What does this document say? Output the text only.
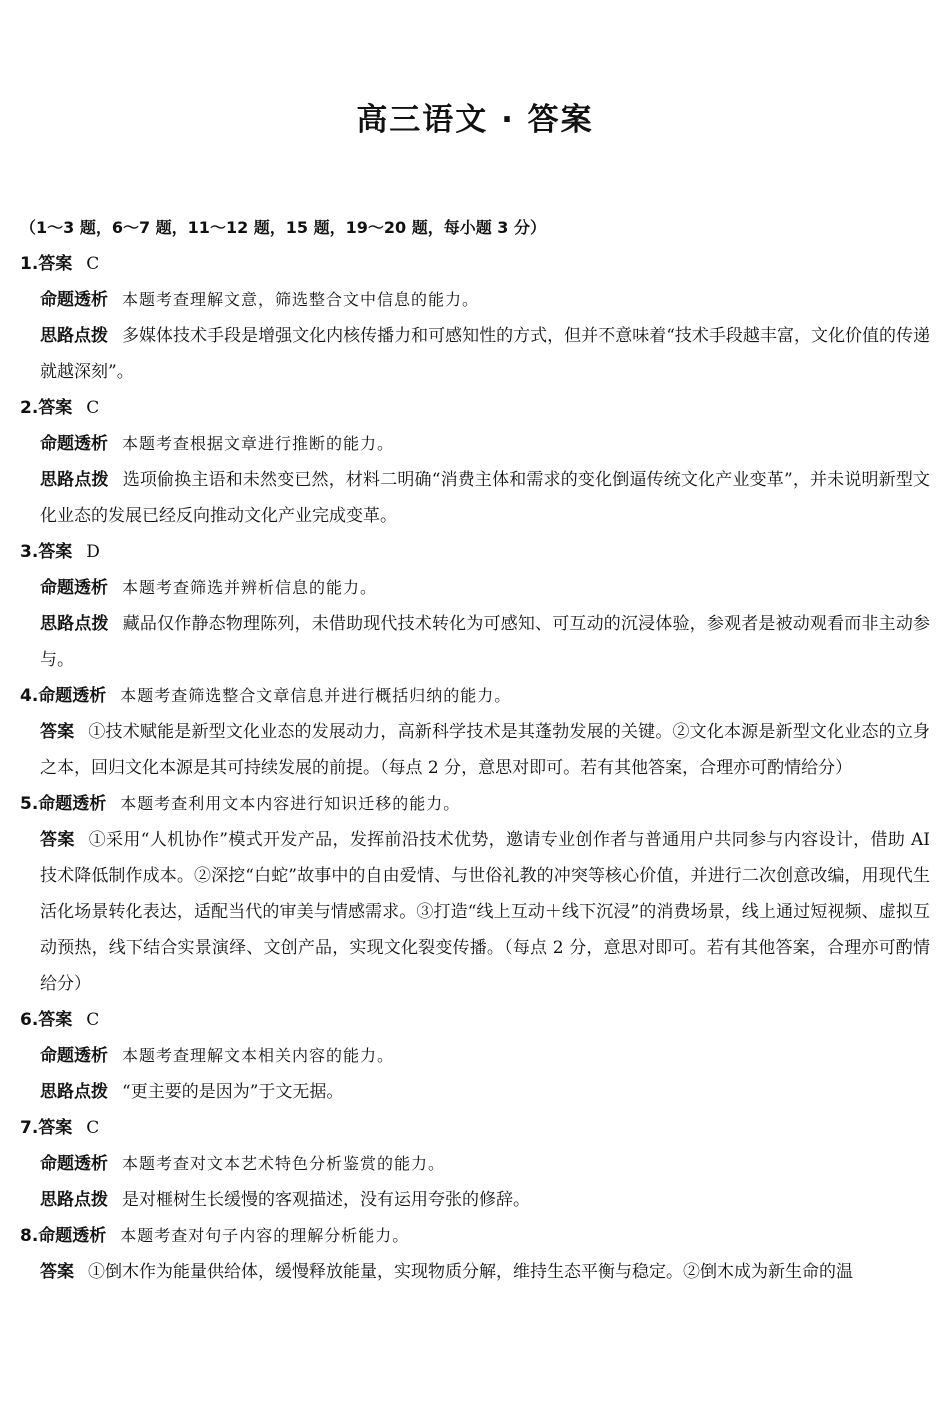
高三语文 · 答案
（1～3 题，6～7 题，11～12 题，15 题，19～20 题，每小题 3 分）
1.答案 C
命题透析 本题考查理解文意，筛选整合文中信息的能力。
思路点拨 多媒体技术手段是增强文化内核传播力和可感知性的方式，但并不意味着“技术手段越丰富，文化价值的传递就越深刻”。
2.答案 C
命题透析 本题考查根据文章进行推断的能力。
思路点拨 选项偷换主语和未然变已然，材料二明确“消费主体和需求的变化倒逼传统文化产业变革”，并未说明新型文化业态的发展已经反向推动文化产业完成变革。
3.答案 D
命题透析 本题考查筛选并辨析信息的能力。
思路点拨 藏品仅作静态物理陈列，未借助现代技术转化为可感知、可互动的沉浸体验，参观者是被动观看而非主动参与。
4.命题透析 本题考查筛选整合文章信息并进行概括归纳的能力。
答案 ①技术赋能是新型文化业态的发展动力，高新科学技术是其蓬勃发展的关键。②文化本源是新型文化业态的立身之本，回归文化本源是其可持续发展的前提。（每点 2 分，意思对即可。若有其他答案，合理亦可酌情给分）
5.命题透析 本题考查利用文本内容进行知识迁移的能力。
答案 ①采用“人机协作”模式开发产品，发挥前沿技术优势，邀请专业创作者与普通用户共同参与内容设计，借助 AI 技术降低制作成本。②深挖“白蛇”故事中的自由爱情、与世俗礼教的冲突等核心价值，并进行二次创意改编，用现代生活化场景转化表达，适配当代的审美与情感需求。③打造“线上互动＋线下沉浸”的消费场景，线上通过短视频、虚拟互动预热，线下结合实景演绎、文创产品，实现文化裂变传播。（每点 2 分，意思对即可。若有其他答案，合理亦可酌情给分）
6.答案 C
命题透析 本题考查理解文本相关内容的能力。
思路点拨 “更主要的是因为”于文无据。
7.答案 C
命题透析 本题考查对文本艺术特色分析鉴赏的能力。
思路点拨 是对榧树生长缓慢的客观描述，没有运用夸张的修辞。
8.命题透析 本题考查对句子内容的理解分析能力。
答案 ①倒木作为能量供给体，缓慢释放能量，实现物质分解，维持生态平衡与稳定。②倒木成为新生命的温
